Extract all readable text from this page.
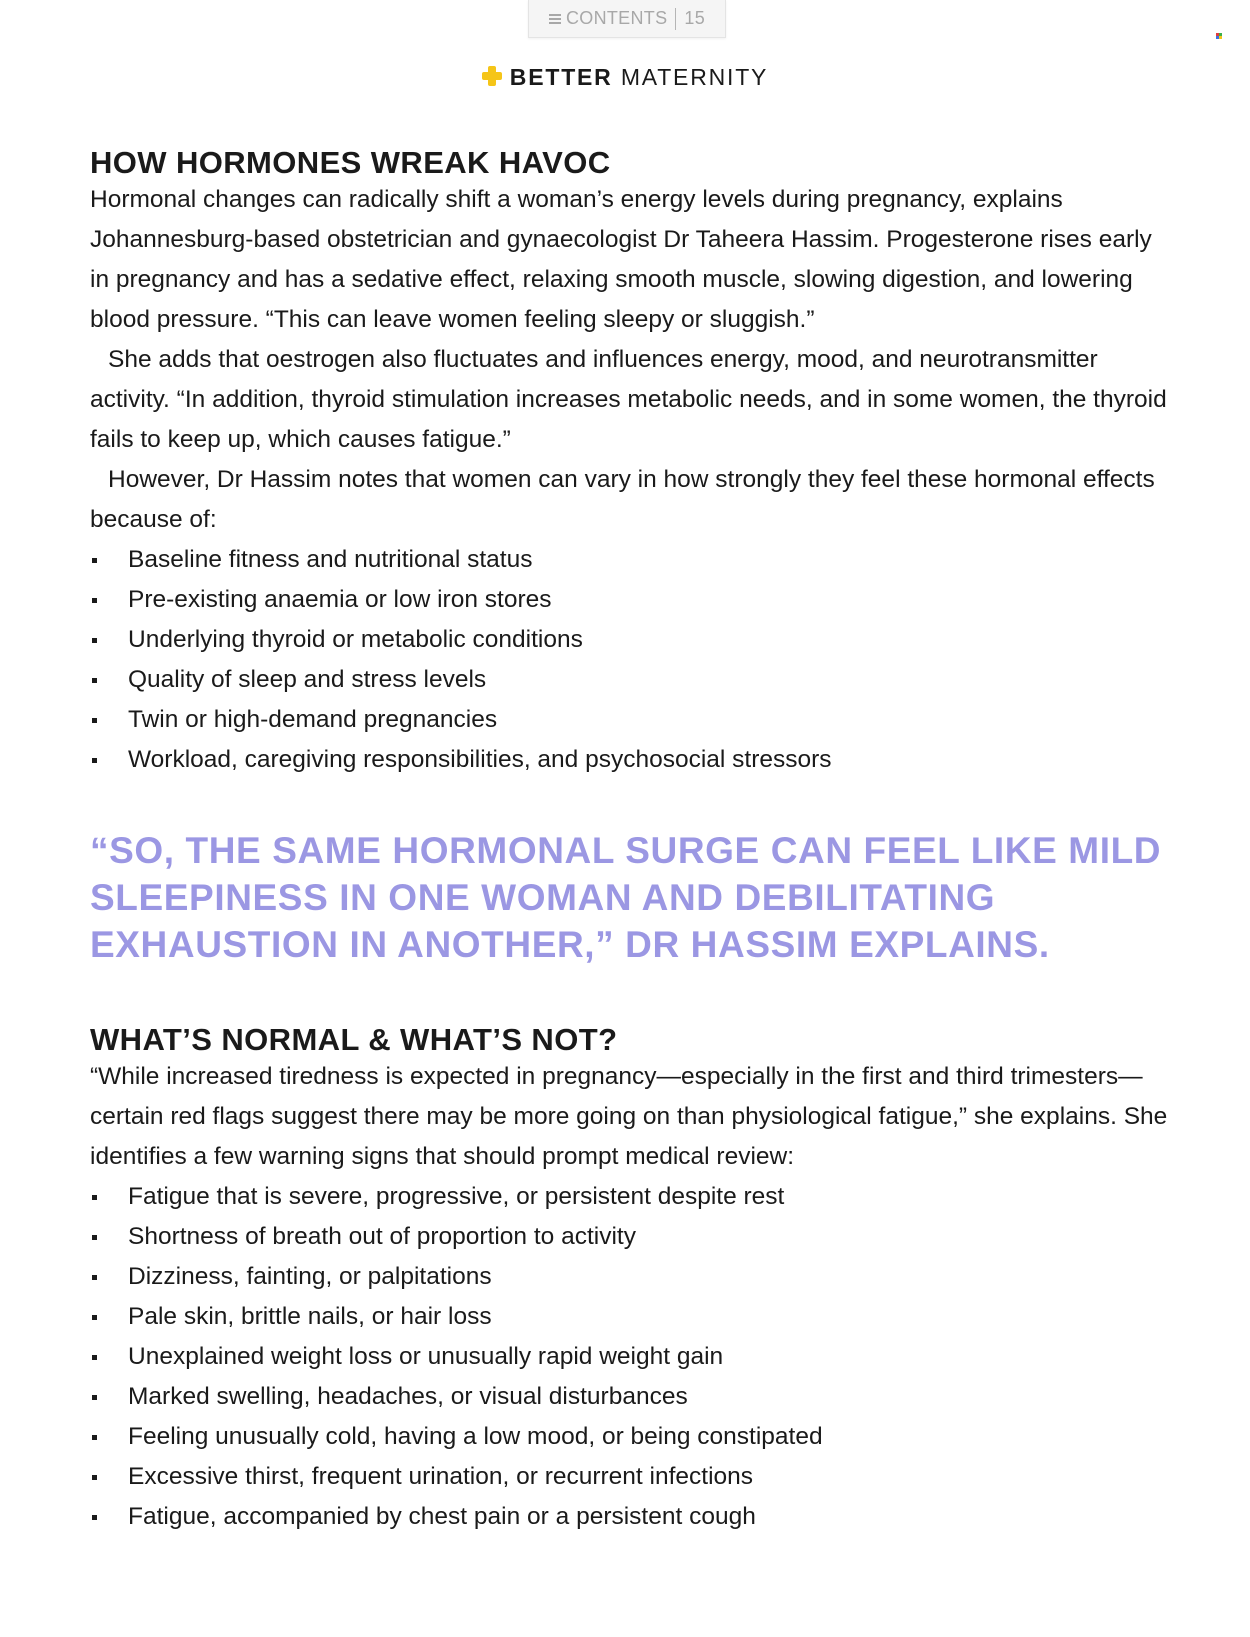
CONTENTS 15
BETTER MATERNITY
HOW HORMONES WREAK HAVOC

Hormonal changes can radically shift a woman’s energy levels during pregnancy, explains Johannesburg-based obstetrician and gynaecologist Dr Taheera Hassim. Progesterone rises early in pregnancy and has a sedative effect, relaxing smooth muscle, slowing digestion, and lowering blood pressure. “This can leave women feeling sleepy or sluggish.”

She adds that oestrogen also fluctuates and influences energy, mood, and neurotransmitter activity. “In addition, thyroid stimulation increases metabolic needs, and in some women, the thyroid fails to keep up, which causes fatigue.”

However, Dr Hassim notes that women can vary in how strongly they feel these hormonal effects because of:

Baseline fitness and nutritional status
Pre-existing anaemia or low iron stores
Underlying thyroid or metabolic conditions
Quality of sleep and stress levels
Twin or high-demand pregnancies
Workload, caregiving responsibilities, and psychosocial stressors
“SO, THE SAME HORMONAL SURGE CAN FEEL LIKE MILD SLEEPINESS IN ONE WOMAN AND DEBILITATING EXHAUSTION IN ANOTHER,” DR HASSIM EXPLAINS.
WHAT’S NORMAL & WHAT’S NOT?

“While increased tiredness is expected in pregnancy—especially in the first and third trimesters—certain red flags suggest there may be more going on than physiological fatigue,” she explains. She identifies a few warning signs that should prompt medical review:

Fatigue that is severe, progressive, or persistent despite rest
Shortness of breath out of proportion to activity
Dizziness, fainting, or palpitations
Pale skin, brittle nails, or hair loss
Unexplained weight loss or unusually rapid weight gain
Marked swelling, headaches, or visual disturbances
Feeling unusually cold, having a low mood, or being constipated
Excessive thirst, frequent urination, or recurrent infections
Fatigue, accompanied by chest pain or a persistent cough
